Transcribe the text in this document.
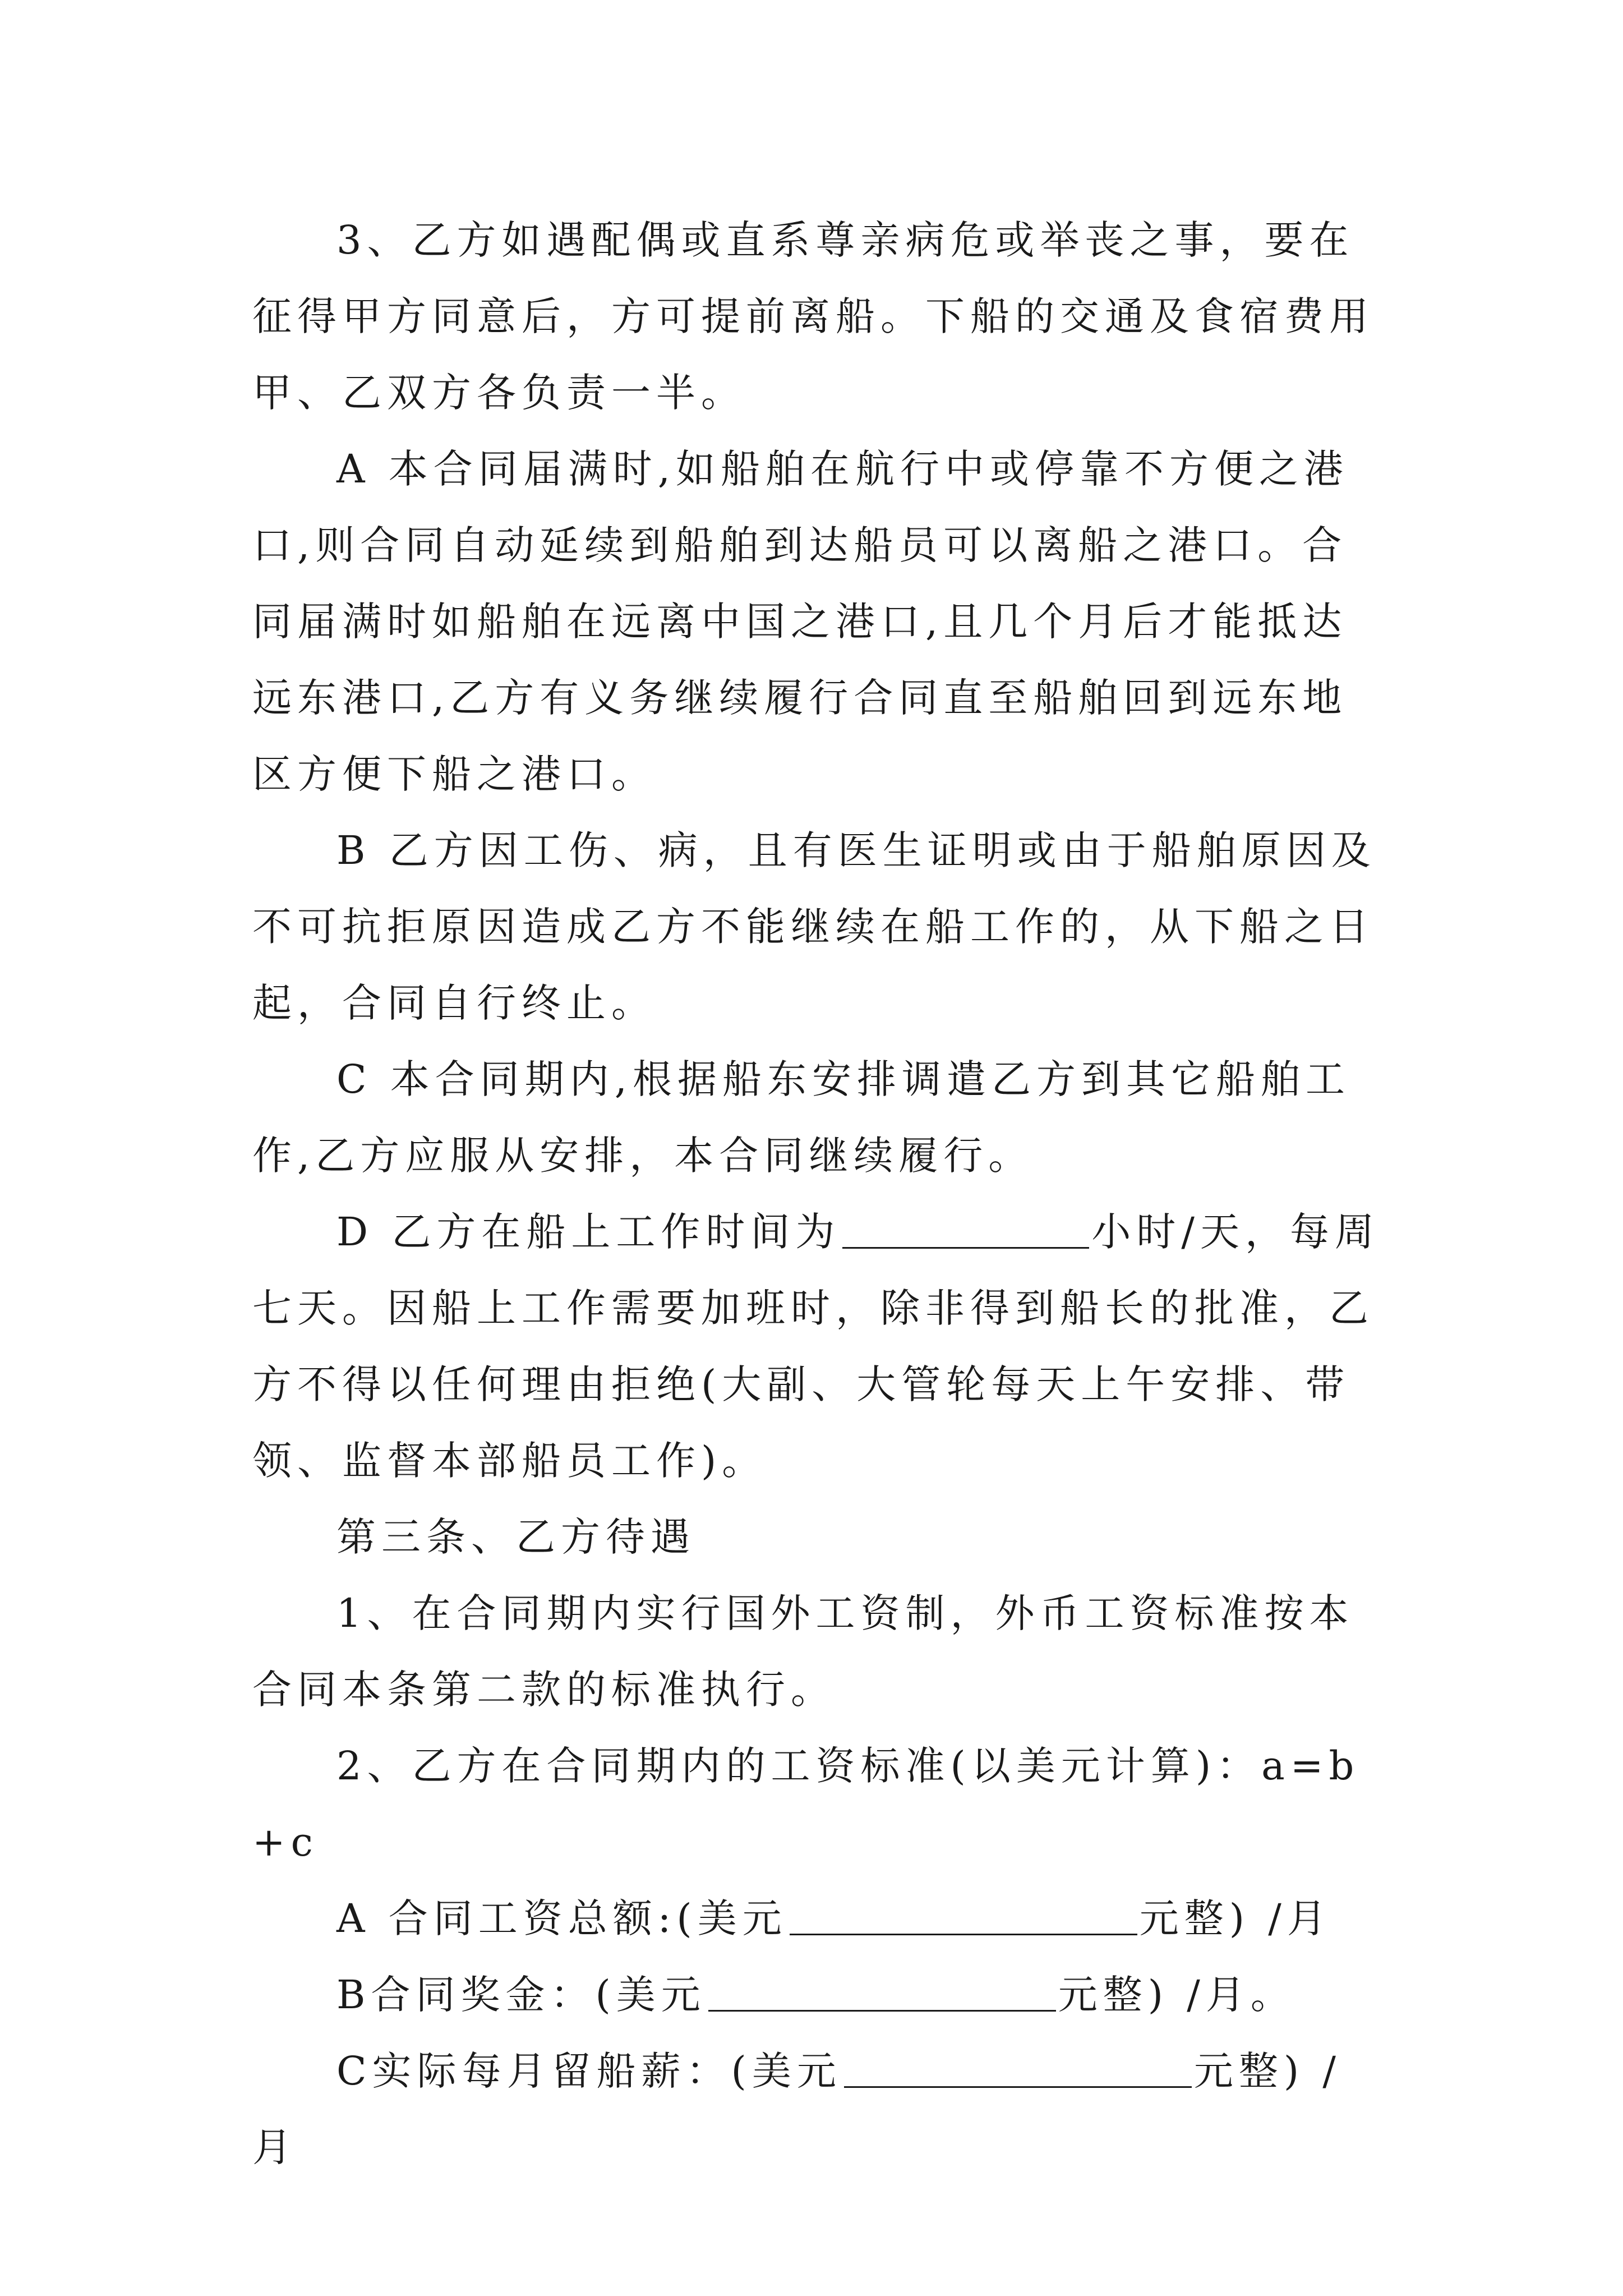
3、乙方如遇配偶或直系尊亲病危或举丧之事，要在征得甲方同意后，方可提前离船。下船的交通及食宿费用甲、乙双方各负责一半。

A 本合同届满时,如船舶在航行中或停靠不方便之港口,则合同自动延续到船舶到达船员可以离船之港口。合同届满时如船舶在远离中国之港口,且几个月后才能抵达远东港口,乙方有义务继续履行合同直至船舶回到远东地区方便下船之港口。

B 乙方因工伤、病，且有医生证明或由于船舶原因及不可抗拒原因造成乙方不能继续在船工作的，从下船之日起，合同自行终止。

C 本合同期内,根据船东安排调遣乙方到其它船舶工作,乙方应服从安排，本合同继续履行。

D 乙方在船上工作时间为	小时/天，每周七天。因船上工作需要加班时，除非得到船长的批准，乙方不得以任何理由拒绝(大副、大管轮每天上午安排、带领、监督本部船员工作)。

第三条、乙方待遇

1、在合同期内实行国外工资制，外币工资标准按本合同本条第二款的标准执行。

2、乙方在合同期内的工资标准(以美元计算)：a=b+c

A 合同工资总额:(美元	元整) /月

B合同奖金：(美元	元整) /月。

C实际每月留船薪：(美元	元整) /月
